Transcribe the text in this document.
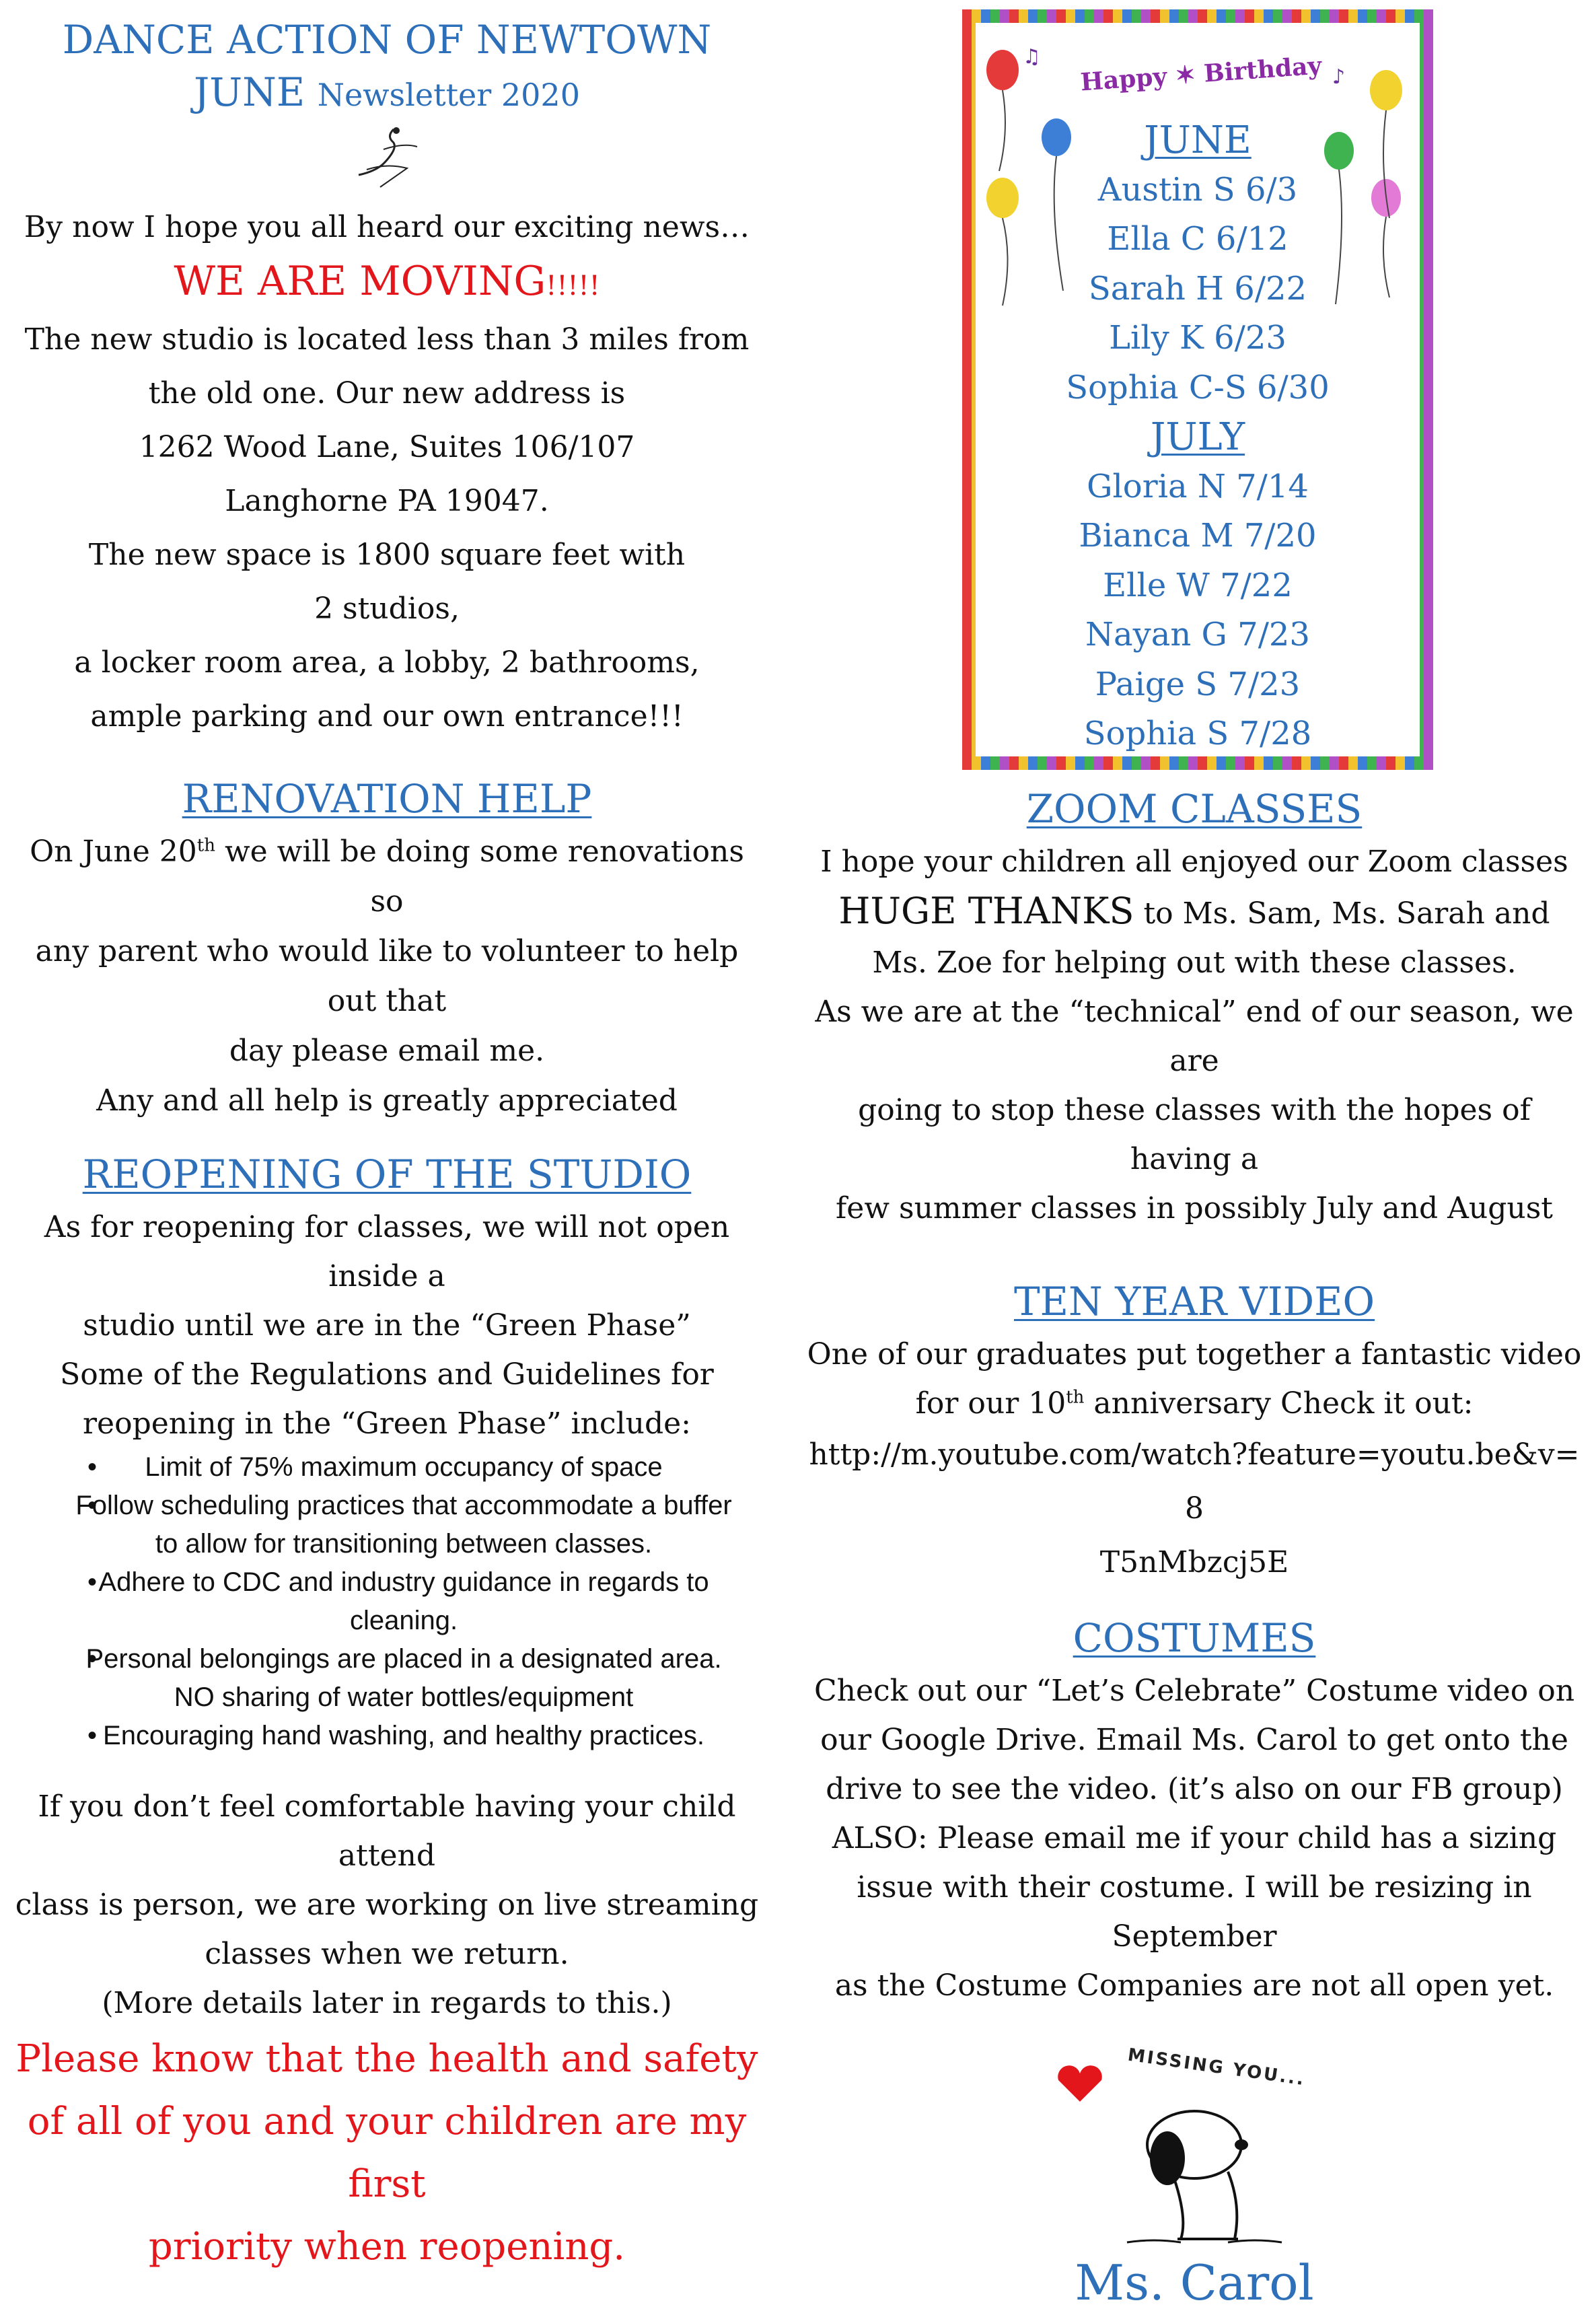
DANCE ACTION OF NEWTOWN
JUNE Newsletter 2020
By now I hope you all heard our exciting news…
WE ARE MOVING!!!!!
The new studio is located less than 3 miles from
the old one. Our new address is
1262 Wood Lane, Suites 106/107
Langhorne PA 19047.
The new space is 1800 square feet with
2 studios,
a locker room area, a lobby, 2 bathrooms,
ample parking and our own entrance!!!
RENOVATION HELP
On June 20th we will be doing some renovations so
any parent who would like to volunteer to help out that
day please email me.
Any and all help is greatly appreciated
REOPENING OF THE STUDIO
As for reopening for classes, we will not open inside a
studio until we are in the “Green Phase”
Some of the Regulations and Guidelines for
reopening in the “Green Phase” include:
• Limit of 75% maximum occupancy of space
• Follow scheduling practices that accommodate a buffer to allow for transitioning between classes.
• Adhere to CDC and industry guidance in regards to cleaning.
• Personal belongings are placed in a designated area. NO sharing of water bottles/equipment
• Encouraging hand washing, and healthy practices.
If you don’t feel comfortable having your child attend
class is person, we are working on live streaming
classes when we return.
(More details later in regards to this.)
Please know that the health and safety
of all of you and your children are my first
priority when reopening.
♫
♪
Happy ✶ Birthday
JUNE
Austin S 6/3
Ella C 6/12
Sarah H 6/22
Lily K 6/23
Sophia C-S 6/30
JULY
Gloria N 7/14
Bianca M 7/20
Elle W 7/22
Nayan G 7/23
Paige S 7/23
Sophia S 7/28
ZOOM CLASSES
I hope your children all enjoyed our Zoom classes
HUGE THANKS to Ms. Sam, Ms. Sarah and
Ms. Zoe for helping out with these classes.
As we are at the “technical” end of our season, we are
going to stop these classes with the hopes of having a
few summer classes in possibly July and August
TEN YEAR VIDEO
One of our graduates put together a fantastic video
for our 10th anniversary Check it out:
http://m.youtube.com/watch?feature=youtu.be&v=8
T5nMbzcj5E
COSTUMES
Check out our “Let’s Celebrate” Costume video on
our Google Drive. Email Ms. Carol to get onto the
drive to see the video. (it’s also on our FB group)
ALSO: Please email me if your child has a sizing
issue with their costume. I will be resizing in September
as the Costume Companies are not all open yet.
MISSING YOU...
Ms. Carol
